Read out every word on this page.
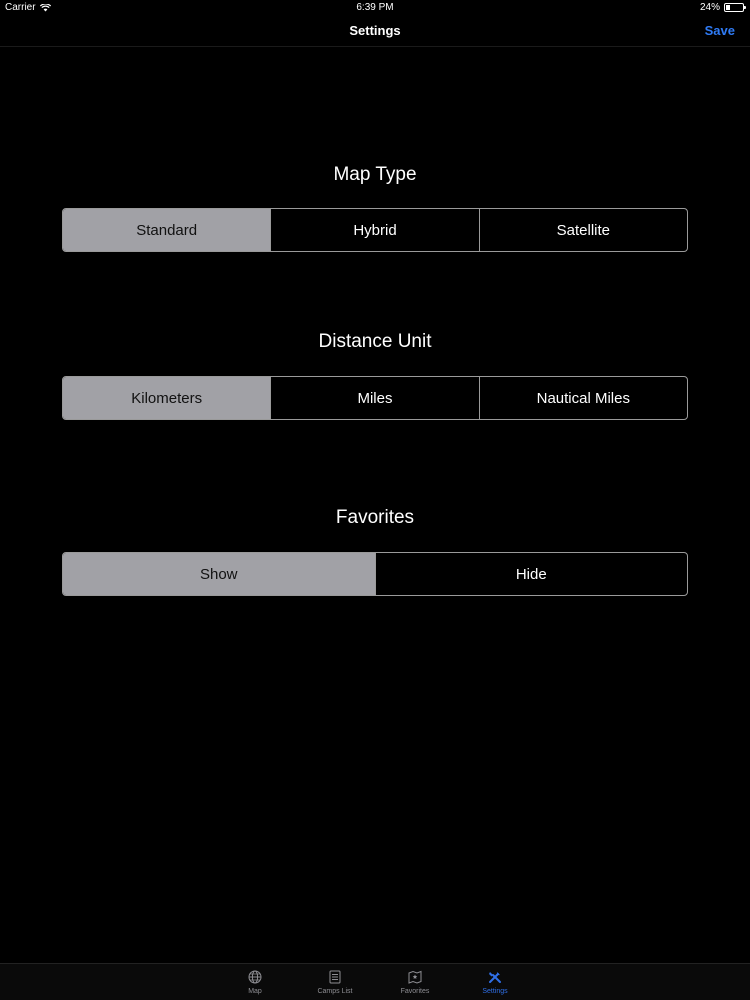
Carrier	6:39 PM	24%
Settings	Save
Map Type
Standard	Hybrid	Satellite
Distance Unit
Kilometers	Miles	Nautical Miles
Favorites
Show	Hide
Map	Camps List	Favorites	Settings
